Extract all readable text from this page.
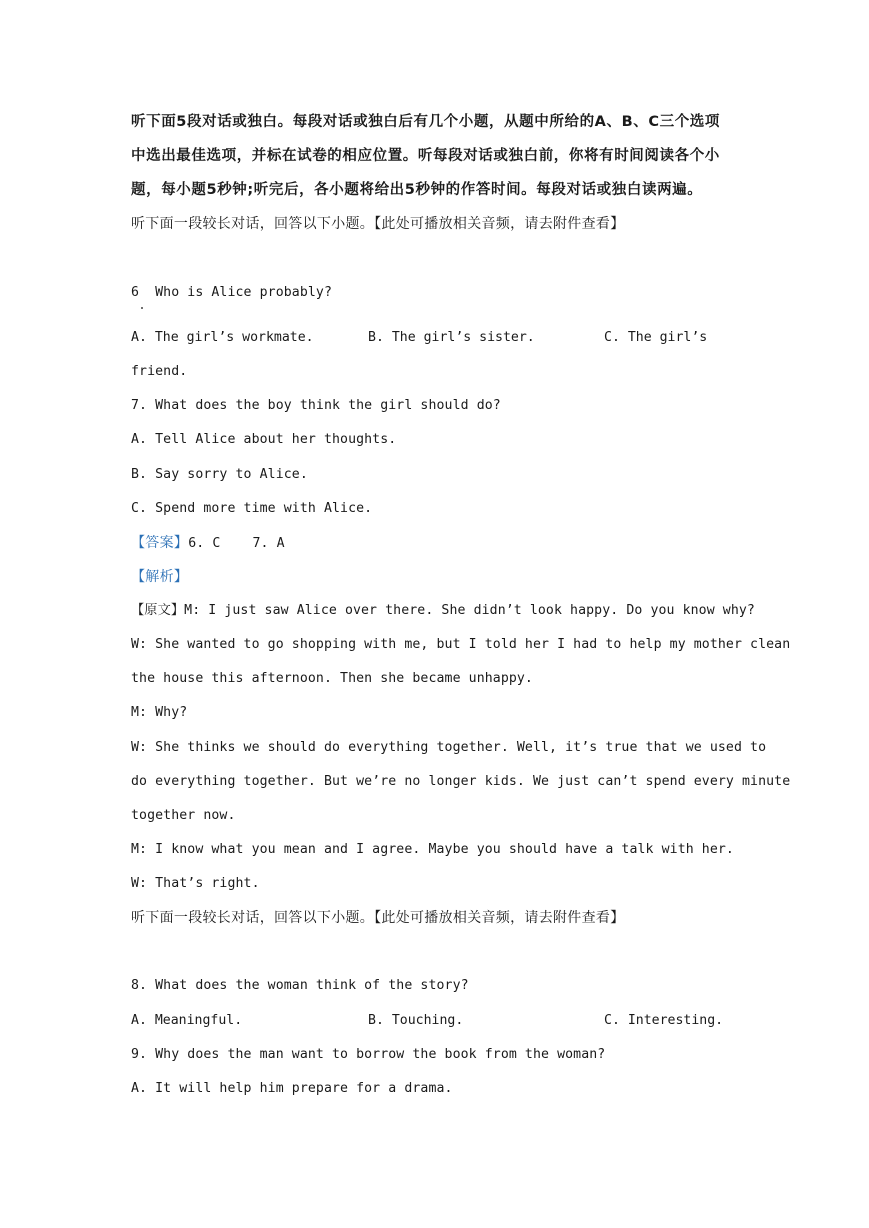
听下面5段对话或独白。每段对话或独白后有几个小题，从题中所给的A、B、C三个选项
中选出最佳选项，并标在试卷的相应位置。听每段对话或独白前，你将有时间阅读各个小
题，每小题5秒钟;听完后，各小题将给出5秒钟的作答时间。每段对话或独白读两遍。
听下面一段较长对话，回答以下小题。【此处可播放相关音频，请去附件查看】
6  Who is Alice probably?
A. The girl’s workmate.	B. The girl’s sister.	C. The girl’s
friend.
7. What does the boy think the girl should do?
A. Tell Alice about her thoughts.
B. Say sorry to Alice.
C. Spend more time with Alice.
【答案】6. C    7. A
【解析】
【原文】M: I just saw Alice over there. She didn’t look happy. Do you know why?
W: She wanted to go shopping with me, but I told her I had to help my mother clean
the house this afternoon. Then she became unhappy.
M: Why?
W: She thinks we should do everything together. Well, it’s true that we used to
do everything together. But we’re no longer kids. We just can’t spend every minute
together now.
M: I know what you mean and I agree. Maybe you should have a talk with her.
W: That’s right.
听下面一段较长对话，回答以下小题。【此处可播放相关音频，请去附件查看】
8. What does the woman think of the story?
A. Meaningful.	B. Touching.	C. Interesting.
9. Why does the man want to borrow the book from the woman?
A. It will help him prepare for a drama.
